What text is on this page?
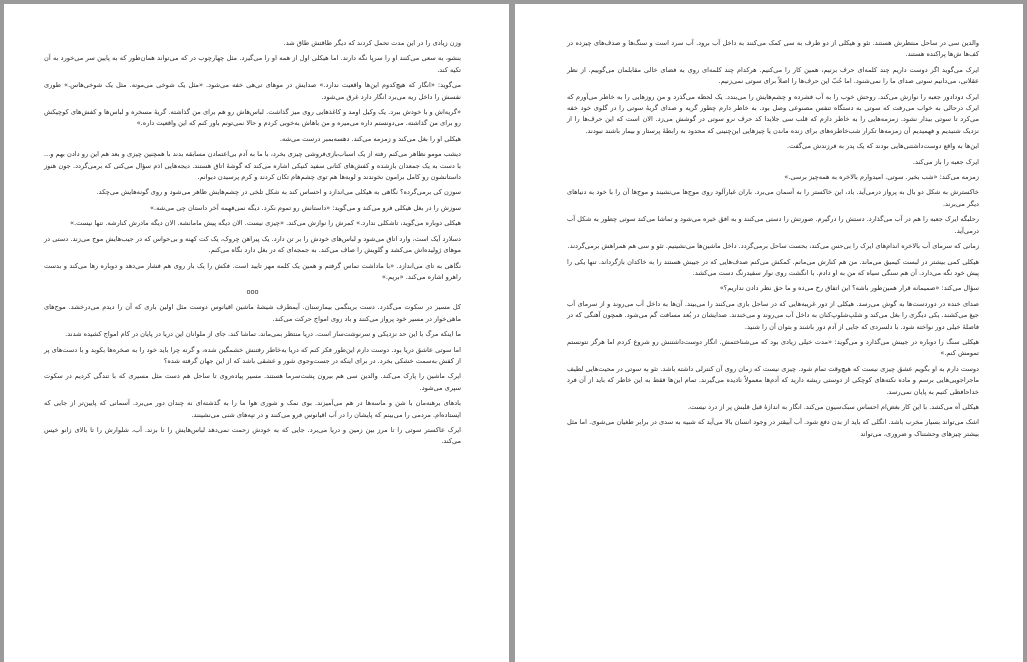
وزن زیادی را در این مدت تحمل کردند که دیگر طاقتش طاق شد.

بنشو، به سعی می‌کنند او را سرپا نگه دارند. اما هیکلی اول از همه او را می‌گیرد. مثل چهارچوب در که می‌تواند همان‌طور که به پایین سر می‌خورد به آن تکیه کند.

می‌گوید: «انگار که هیچ‌کدوم این‌ها واقعیت ندارد.» صدایش در موهای تی‌هی خفه می‌شود. «مثل یک شوخی می‌مونه. مثل یک شوخی‌هاس.» طوری نفسش را داخل ریه می‌برد انگار دارد غرق می‌شود.

«گریه‌اش و با خودش ببرد. یک وکیل اومد و کاغذهایی روی میز گذاشت. لباس‌هاش رو هم برای من گذاشته. گریهٔ مسخره و لباس‌ها و کفش‌های کوچیکش رو برای من گذاشته. می‌دونستم داره می‌میره و من باهاش به‌خوبی کردم و حالا نمی‌تونم باور کنم که این واقعیت داره.»

هیکلی او را بغل می‌کند و زمزمه می‌کند. دهسه‌بمبر درست می‌شه.

دیشب مومو نظاهر می‌کنم رفته از یک اسباب‌بازی‌فروشی چیزی بخرد، با ما به آدم بی‌اعتمادن مسابقه بدند با همچنین چیزی و بعد هم این رو دادن بهم و... با دست به یک جمعدان بازشده و کفش‌های کتانی سفید کنیکی اشاره می‌کند که گوشهٔ اتاق هستند. دیجه‌هایی اذم سؤال می‌کنی که برمی‌گردد. جون هنوز داستانشون رو کامل برامون نخوندند و لوبه‌ها هم توی چشم‌هام تکان کردند و کرم پرسیدن دیوانم.

سوزن کی برمی‌گرده؟ نگاهی به هیکلی می‌اندازد و احساس کند به شکل تلخی در چشم‌هایش ظاهر می‌شود و روی گونه‌هایش می‌چکد.

سوزش را در بغل هیکلی فرو می‌کند و می‌گوید: «داستانش رو تموم نکرد. دیگه نمی‌فهمه آخر داستان چی می‌شه.»

هیکلی دوباره می‌گوید، تاشکلی ندارد.» کمرش را نوازش می‌کند. «چیزی نیست. الان دیگه پیش مامانشه. الان دیگه مادرش کنارشه. تنها نیست.»

دسلارد آیک است، وارد اتاق می‌شود و لباس‌های خودش را بر تن دارد. یک پیراهن چروک، یک کت کهنه و بی‌حواس که در جیب‌هایش موج می‌زند. دستی در موهای ژولیده‌اش می‌کشد و گلویش را صاف می‌کند. به جمجه‌ای که در بغل دارد نگاه می‌کنم.

نگاهی به تای می‌اندازد. «با ماداشت تماس گرفتم و همین یک کلمه مهر تایید است. فکش را یک بار روی هم فشار می‌دهد و دوباره رها می‌کند و بدست راهرو اشاره می‌کند. «بریم.»

ooo

کل مسیر در سکوت می‌گذرد. دست برینگمی بیمارستان. آیمطرف شیشهٔ ماشین اقیانوس دوست مثل اولین باری که آن را دیدم می‌درخشد. موج‌های ماهی‌خوار در مسیر خود پرواز می‌کنند و باد روی امواج حرکت می‌کند.

ما اینکه مرگ با این حد نزدیکی و سرنوشت‌ساز است. دریا منتظر بمی‌ماند. تماشا کند. جای از ملوانان این دریا در پایان در کام امواج کشیده شدند.

اما سوتی عاشق دریا بود. دوست دارم این‌طور فکر کنم که دریا به‌خاطر رفتنش خشمگین شده، و گرنه چرا باید خود را به صخره‌ها بکوبد و با دست‌های پر از کفش به‌سمت خشکی بخرد. در برای اینکه در جست‌وجوی شور و عشقی باشد که از این جهان گرفته شده؟

ایرک ماشین را پارک می‌کند. والدین سی هم بیرون پشت‌سرما هستند. مسیر پیاده‌روی تا ساحل هم دست مثل مسیری که با تندگی کردیم در سکوت سپری می‌شود.

بادهای برهنه‌مان با شن و ماسه‌ها در هم می‌آمیزند. بوی نمک و شوری هوا ما را به گذشته‌ای نه چندان دور می‌برد. آسمانی که پایین‌تر از جایی که ایستاده‌ام. مردمی را می‌بینم که پایشان را در آب اقیانوس فرو می‌کنند و در تپه‌های شنی می‌نشینند.

ایرک عاکستر سوتی را تا مرز بین زمین و دریا می‌برد. جایی که به خودش زحمت نمی‌دهد لباس‌هایش را تا بزند. آب، شلوارش را تا بالای زانو خیس می‌کند.

والدین سی در ساحل منتظرش هستند. تئو و هیکلی از دو طرف به سی کمک می‌کنند به داخل آب برود. آب سرد است و سنگ‌ها و صدف‌های چیزده در کف‌ها ش‌ها پراکنده هستند.

ایرک می‌گوید اگر دوست داریم چند کلمه‌ای حرف بزنیم، همین کار را می‌کنیم. هرکدام چند کلمه‌ای روی به فضای خالی مقابلمان می‌گوییم. از نظر عقلانی، می‌دانیم سوتی صدای ما را نمی‌شنود. اما حُبّ این حرف‌ها را اصلاً برای سوتی نمی‌زنیم.

ایرک دودادور جعبه را نوازش می‌کند. روحش خوب را به آب فشرده و چشم‌هایش را می‌بندد. یک لحظه می‌گذرد و من روزهایی را به خاطر می‌آورم که ایرک درحالی به خواب می‌رفت که سوتی به دستگاه تنفس مصنوعی وصل بود. به خاطر دارم چطور گریه و صدای گریهٔ سوتی را در گلوی خود خفه می‌کرد تا سوتی بیدار نشود. زمزمه‌هایی را به خاطر دارم که قلب سی جلایدا کد حرف نرو سوتی در گوشش می‌زد. الان است که این حرف‌ها را از نزدیک شنیدیم و فهمیدیم آن زمزمه‌ها تکرار شب‌خاطره‌های برای زنده ماندن یا چیزهایی این‌چنینی که محدود به رابطهٔ پرستار و بیمار باشند نبودند.

این‌ها به واقع دوست‌داشتنی‌هایی بودند که یک پدر به فرزندش می‌گفت.

ایرک جعبه را باز می‌کند.

زمزمه می‌کند: «شب بخیر. سوتی. امیدوارم بالاخره به همه‌چیز برسی.»

خاکسترش به شکل دو بال به پرواز درمی‌آید. باد، این خاکستر را به آسمان می‌برد. باران غبارآلود روی موج‌ها می‌نشیند و موج‌ها آن را با خود به دنیاهای دیگر می‌برند.

رحلبگه ایرک جعبه را هم در آب می‌گذارد. دستش را درگیرم. صورتش را دستی می‌کنند و به افق خیره می‌شود و تماشا می‌کند سوتی چطور به شکل آب درمی‌آید.

زمانی که سرمای آب بالاخره اندام‌های ایرک را بی‌حس می‌کند، بحست ساحل برمی‌گردد. داخل ماشین‌ها می‌نشینیم. تئو و سی هم همراهش برمی‌گردند.

هیکلی کمی بیشتر در لبست کیمیق می‌ماند. من هم کنارش می‌مانم. کمکش می‌کنم صدف‌هایی که در جیبش هستند را به خاکدان بازگرداند. تنها یکی را پیش خود نگه می‌دارد. آن هم سنگی سیاه که من به او دادم. با انگشت روی نوار سفیدرنگ دست می‌کشد.

سؤال می‌کند: «صمیمانه قرار همین‌طور باشه؟ این اتفاق رخ می‌ده و ما حق نظر دادن نداریم؟»

صدای خنده در دوردست‌ها به گوش می‌رسد. هیکلی از دور غریبه‌هایی که در ساحل بازی می‌کنند را می‌بیند. آن‌ها به داخل آب می‌روند و از سرمای آب جیغ می‌کشند. یکی دیگری را بغل می‌کند و شلپ‌شلوپ‌کنان به داخل آب می‌روند و می‌خندند. صدایشان در بُعد مسافت گم می‌شود. همچون آهنگی که در فاصلهٔ خیلی دور نواخته شود. با دلسردی که جایی از آدم دور باشند و بتوان آن را شنید.

هیکلی سنگ را دوباره در جیبش می‌گذارد و می‌گوید: «مدت خیلی زیادی بود که می‌شناختمش. انگار دوست‌داشتنش رو شروع کردم اما هرگز نتونستم تمومش کنم.»

دوست دارم به او بگویم عشق چیزی نیست که هیچ‌وقت تمام شود. چیزی نیست که زمان روی آن کنترلی داشته باشد. تئو به سوتی در محیت‌هایی لطیف ماجراجویی‌هایی برسم و ماده نکته‌های کوچکی از دوستی ریشه دارید که آدم‌ها معمولاً نادیده می‌گیرند. تمام این‌ها فقط به این خاطر که باید از آن فرد خداحافظی کنیم به پایان نمی‌رسد.

هیکلی آه می‌کشد. با این کار بغض‌ام احساس سبک‌سیون می‌کند. انگار به اندازهٔ قبل قلبش پر از درد نیست.

اشک می‌تواند بسیار مخرب باشد. انگلی که باید از بدن دفع شود. آب آبیقتر در وجود انسان بالا می‌آید که شبیه به سدی در برابر طغیان می‌شوی. اما مثل بیشتر چیزهای وحشتناک و ضروری، می‌تواند
